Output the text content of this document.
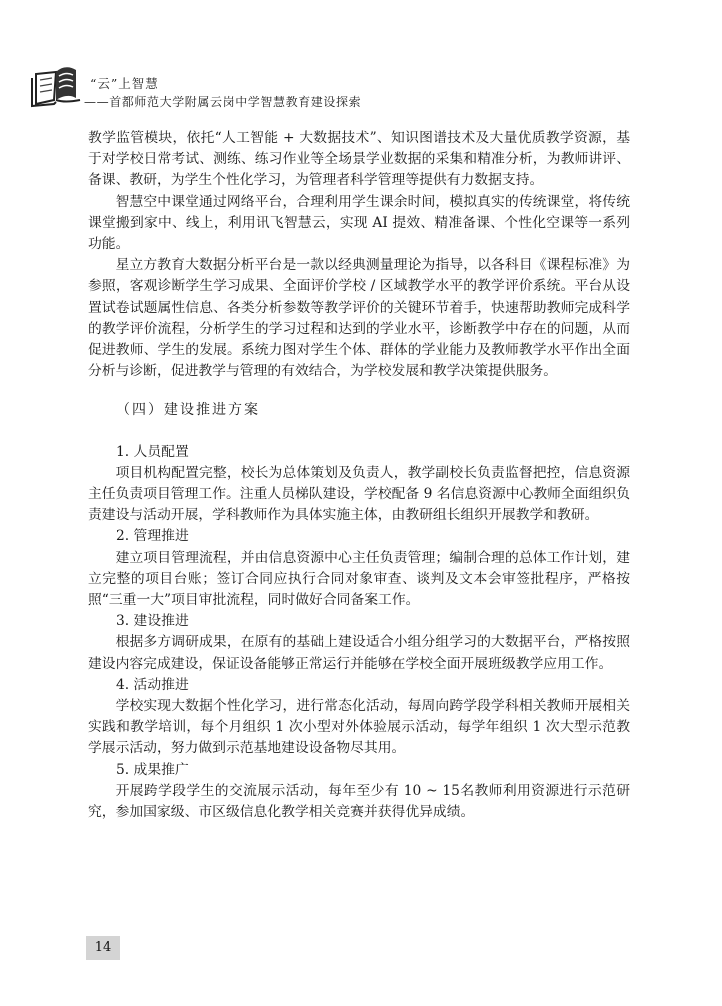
“云”上智慧
——首都师范大学附属云岗中学智慧教育建设探索

教学监管模块，依托“人工智能 + 大数据技术”、知识图谱技术及大量优质教学资源，基于对学校日常考试、测练、练习作业等全场景学业数据的采集和精准分析，为教师讲评、备课、教研，为学生个性化学习，为管理者科学管理等提供有力数据支持。

智慧空中课堂通过网络平台，合理利用学生课余时间，模拟真实的传统课堂，将传统课堂搬到家中、线上，利用讯飞智慧云，实现 AI 提效、精准备课、个性化空课等一系列功能。

星立方教育大数据分析平台是一款以经典测量理论为指导，以各科目《课程标准》为参照，客观诊断学生学习成果、全面评价学校 / 区域教学水平的教学评价系统。平台从设置试卷试题属性信息、各类分析参数等教学评价的关键环节着手，快速帮助教师完成科学的教学评价流程，分析学生的学习过程和达到的学业水平，诊断教学中存在的问题，从而促进教师、学生的发展。系统力图对学生个体、群体的学业能力及教师教学水平作出全面分析与诊断，促进教学与管理的有效结合，为学校发展和教学决策提供服务。

（四）建设推进方案

1. 人员配置

项目机构配置完整，校长为总体策划及负责人，教学副校长负责监督把控，信息资源主任负责项目管理工作。注重人员梯队建设，学校配备 9 名信息资源中心教师全面组织负责建设与活动开展，学科教师作为具体实施主体，由教研组长组织开展教学和教研。

2. 管理推进

建立项目管理流程，并由信息资源中心主任负责管理；编制合理的总体工作计划，建立完整的项目台账；签订合同应执行合同对象审查、谈判及文本会审签批程序，严格按照“三重一大”项目审批流程，同时做好合同备案工作。

3. 建设推进

根据多方调研成果，在原有的基础上建设适合小组分组学习的大数据平台，严格按照建设内容完成建设，保证设备能够正常运行并能够在学校全面开展班级教学应用工作。

4. 活动推进

学校实现大数据个性化学习，进行常态化活动，每周向跨学段学科相关教师开展相关实践和教学培训，每个月组织 1 次小型对外体验展示活动，每学年组织 1 次大型示范教学展示活动，努力做到示范基地建设设备物尽其用。

5. 成果推广

开展跨学段学生的交流展示活动，每年至少有 10 ~ 15名教师利用资源进行示范研究，参加国家级、市区级信息化教学相关竞赛并获得优异成绩。

14
